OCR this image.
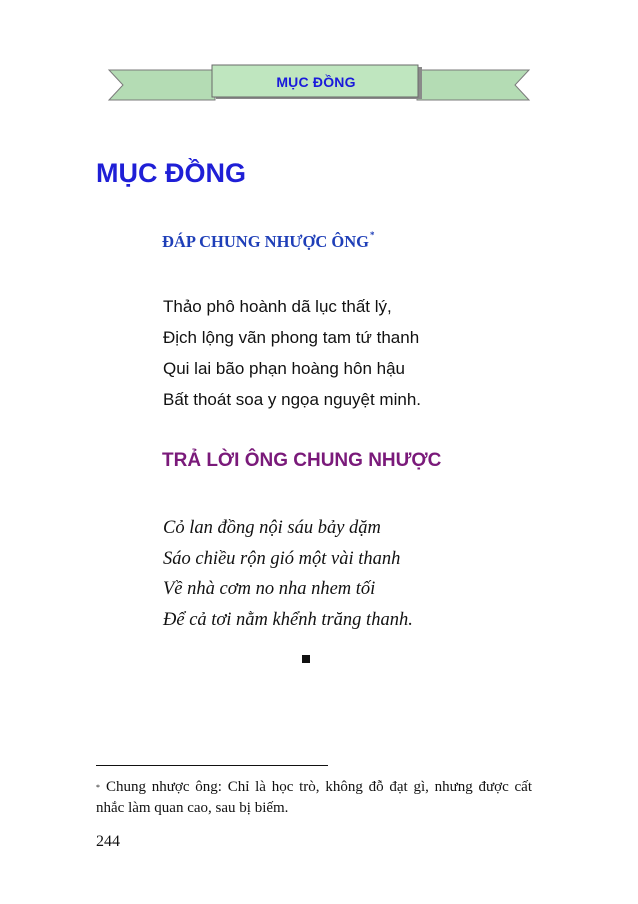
MỤC ĐỒNG
MỤC ĐỒNG
ĐÁP CHUNG NHƯỢC ÔNG*
Thảo phô hoành dã lục thất lý,
Địch lộng vãn phong tam tứ thanh
Qui lai bão phạn hoàng hôn hậu
Bất thoát soa y ngọa nguyệt minh.
TRẢ LỜI ÔNG CHUNG NHƯỢC
Cỏ lan đồng nội sáu bảy dặm
Sáo chiều rộn gió một vài thanh
Về nhà cơm no nha nhem tối
Để cả tơi nằm khểnh trăng thanh.
* Chung nhược ông: Chỉ là học trò, không đỗ đạt gì, nhưng được cất nhắc làm quan cao, sau bị biếm.
244
